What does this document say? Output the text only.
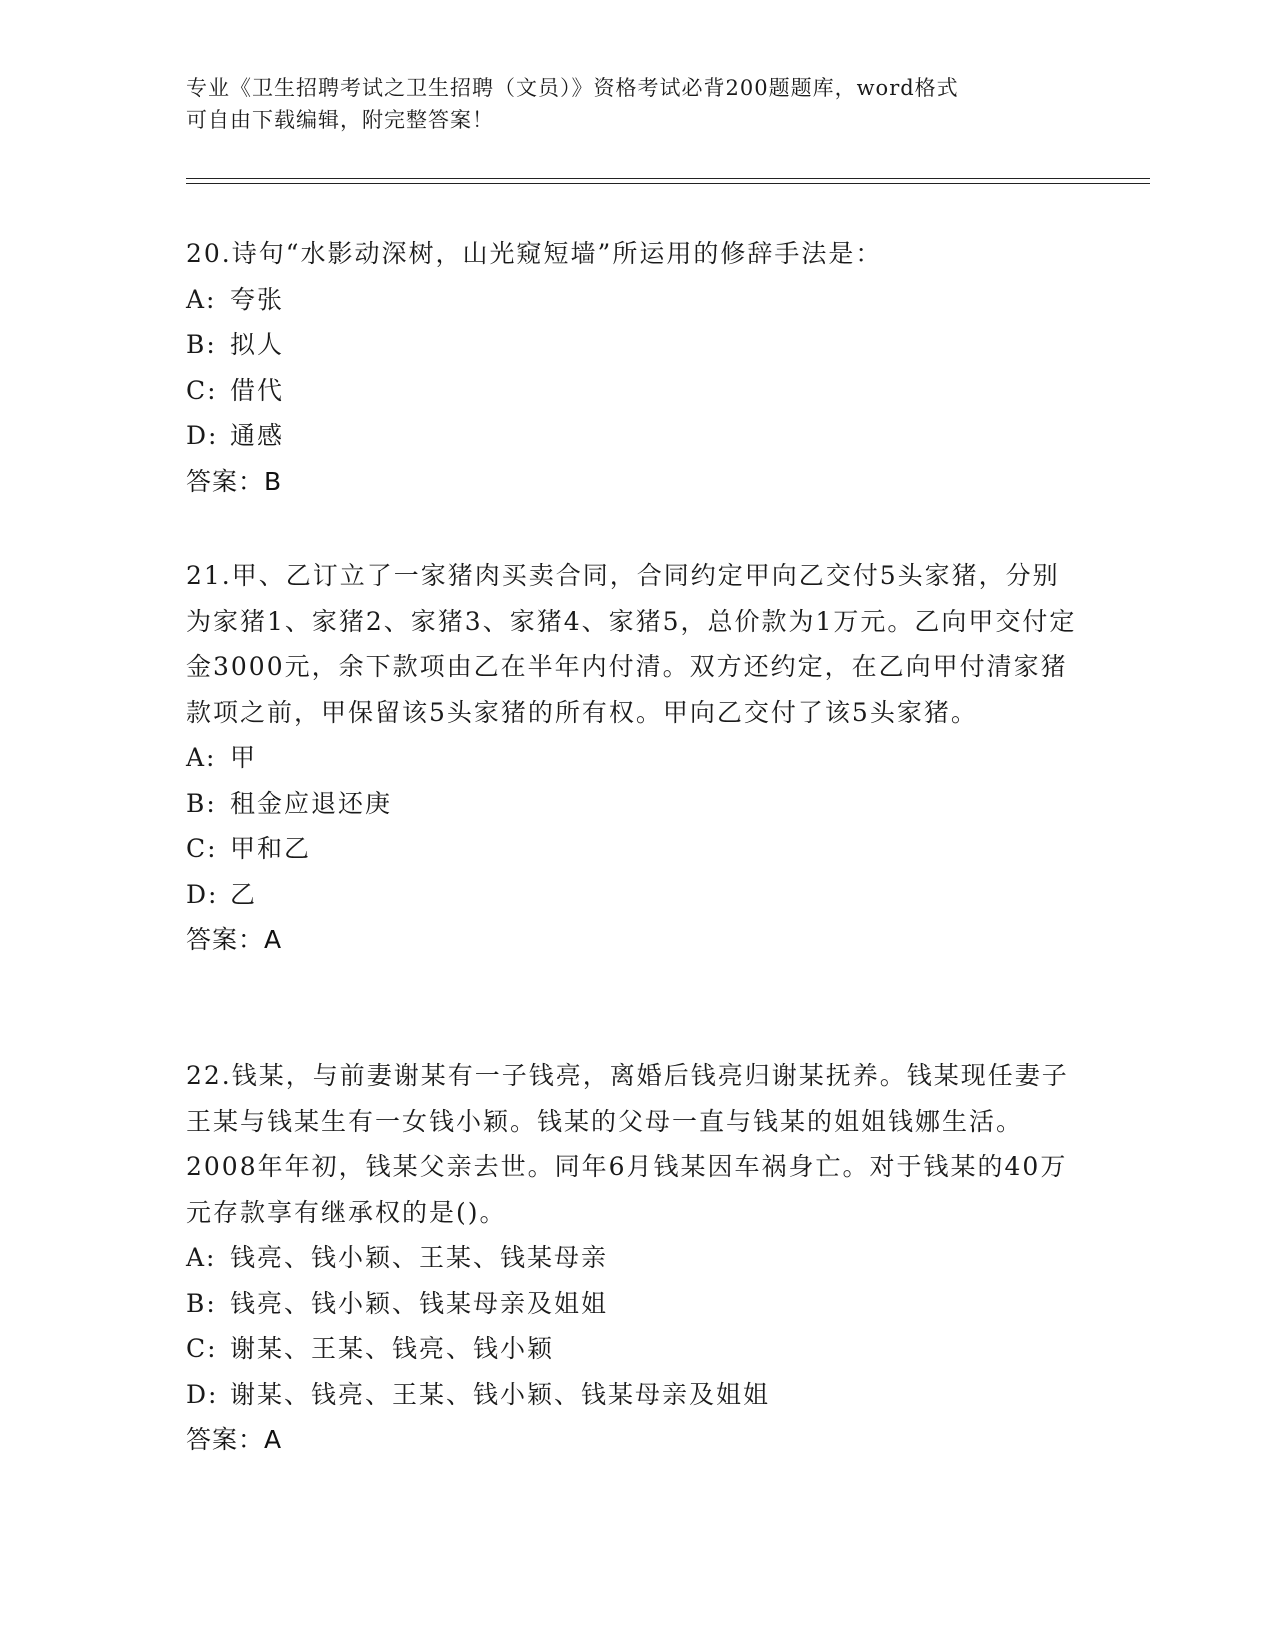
专业《卫生招聘考试之卫生招聘（文员）》资格考试必背200题题库，word格式
可自由下载编辑，附完整答案！

20.诗句“水影动深树，山光窥短墙”所运用的修辞手法是：

A: 夸张

B: 拟人

C: 借代

D: 通感

答案：B

21.甲、乙订立了一家猪肉买卖合同，合同约定甲向乙交付5头家猪，分别为家猪1、家猪2、家猪3、家猪4、家猪5，总价款为1万元。乙向甲交付定金3000元，余下款项由乙在半年内付清。双方还约定，在乙向甲付清家猪款项之前，甲保留该5头家猪的所有权。甲向乙交付了该5头家猪。

A: 甲

B: 租金应退还庚

C: 甲和乙

D: 乙

答案：A

22.钱某，与前妻谢某有一子钱亮，离婚后钱亮归谢某抚养。钱某现任妻子王某与钱某生有一女钱小颖。钱某的父母一直与钱某的姐姐钱娜生活。2008年年初，钱某父亲去世。同年6月钱某因车祸身亡。对于钱某的40万元存款享有继承权的是()。

A: 钱亮、钱小颖、王某、钱某母亲

B: 钱亮、钱小颖、钱某母亲及姐姐

C: 谢某、王某、钱亮、钱小颖

D: 谢某、钱亮、王某、钱小颖、钱某母亲及姐姐

答案：A
